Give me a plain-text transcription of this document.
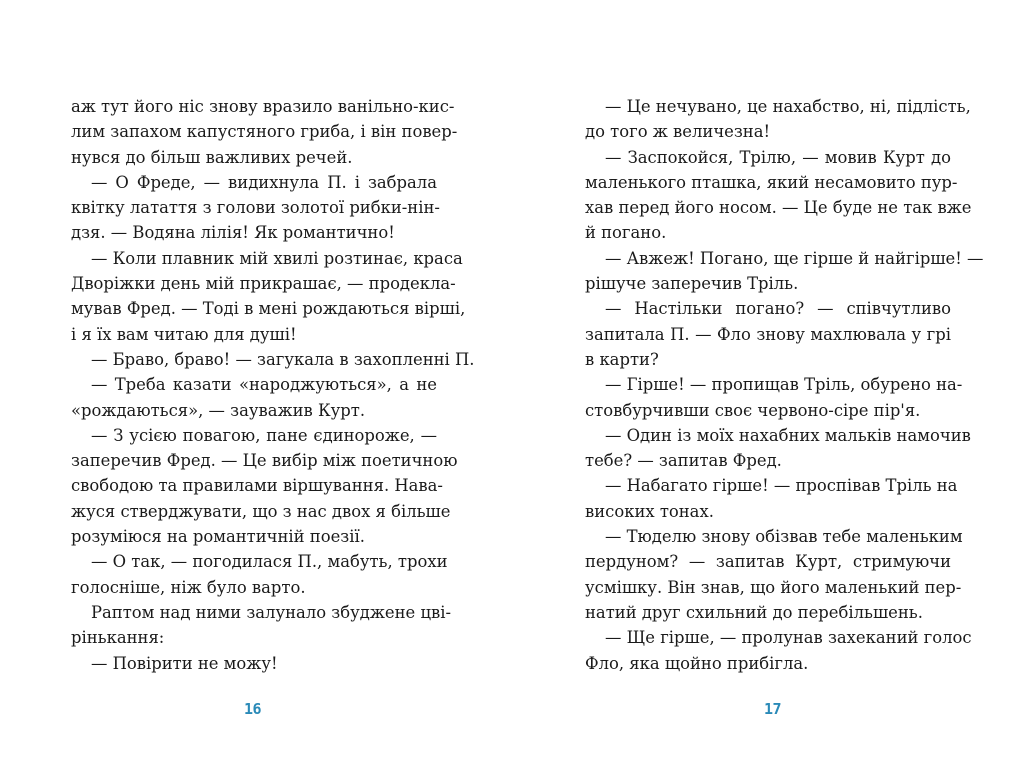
аж тут його ніс знову вразило ванільно-кис-
лим запахом капустяного гриба, і він повер-
нувся до більш важливих речей.
— О Фреде, — видихнула П. і забрала
квітку латаття з голови золотої рибки-нін-
дзя. — Водяна лілія! Як романтично!
— Коли плавник мій хвилі розтинає, краса
Дворіжки день мій прикрашає, — продекла-
мував Фред. — Тоді в мені рождаються вірші,
і я їх вам читаю для душі!
— Браво, браво! — загукала в захопленні П.
— Треба казати «народжуються», а не
«рождаються», — зауважив Курт.
— З усією повагою, пане єдинороже, —
заперечив Фред. — Це вибір між поетичною
свободою та правилами віршування. Нава-
жуся стверджувати, що з нас двох я більше
розуміюся на романтичній поезії.
— О так, — погодилася П., мабуть, трохи
голосніше, ніж було варто.
Раптом над ними залунало збуджене цві-
рінькання:
— Повірити не можу!
16
— Це нечувано, це нахабство, ні, підлість,
до того ж величезна!
— Заспокойся, Трілю, — мовив Курт до
маленького пташка, який несамовито пур-
хав перед його носом. — Це буде не так вже
й погано.
— Авжеж! Погано, ще гірше й найгірше! —
рішуче заперечив Тріль.
— Настільки погано? — співчутливо
запитала П. — Фло знову махлювала у грі
в карти?
— Гірше! — пропищав Тріль, обурено на-
стовбурчивши своє червоно-сіре пір'я.
— Один із моїх нахабних мальків намочив
тебе? — запитав Фред.
— Набагато гірше! — проспівав Тріль на
високих тонах.
— Тюделю знову обізвав тебе маленьким
пердуном? — запитав Курт, стримуючи
усмішку. Він знав, що його маленький пер-
натий друг схильний до перебільшень.
— Ще гірше, — пролунав захеканий голос
Фло, яка щойно прибігла.
17
